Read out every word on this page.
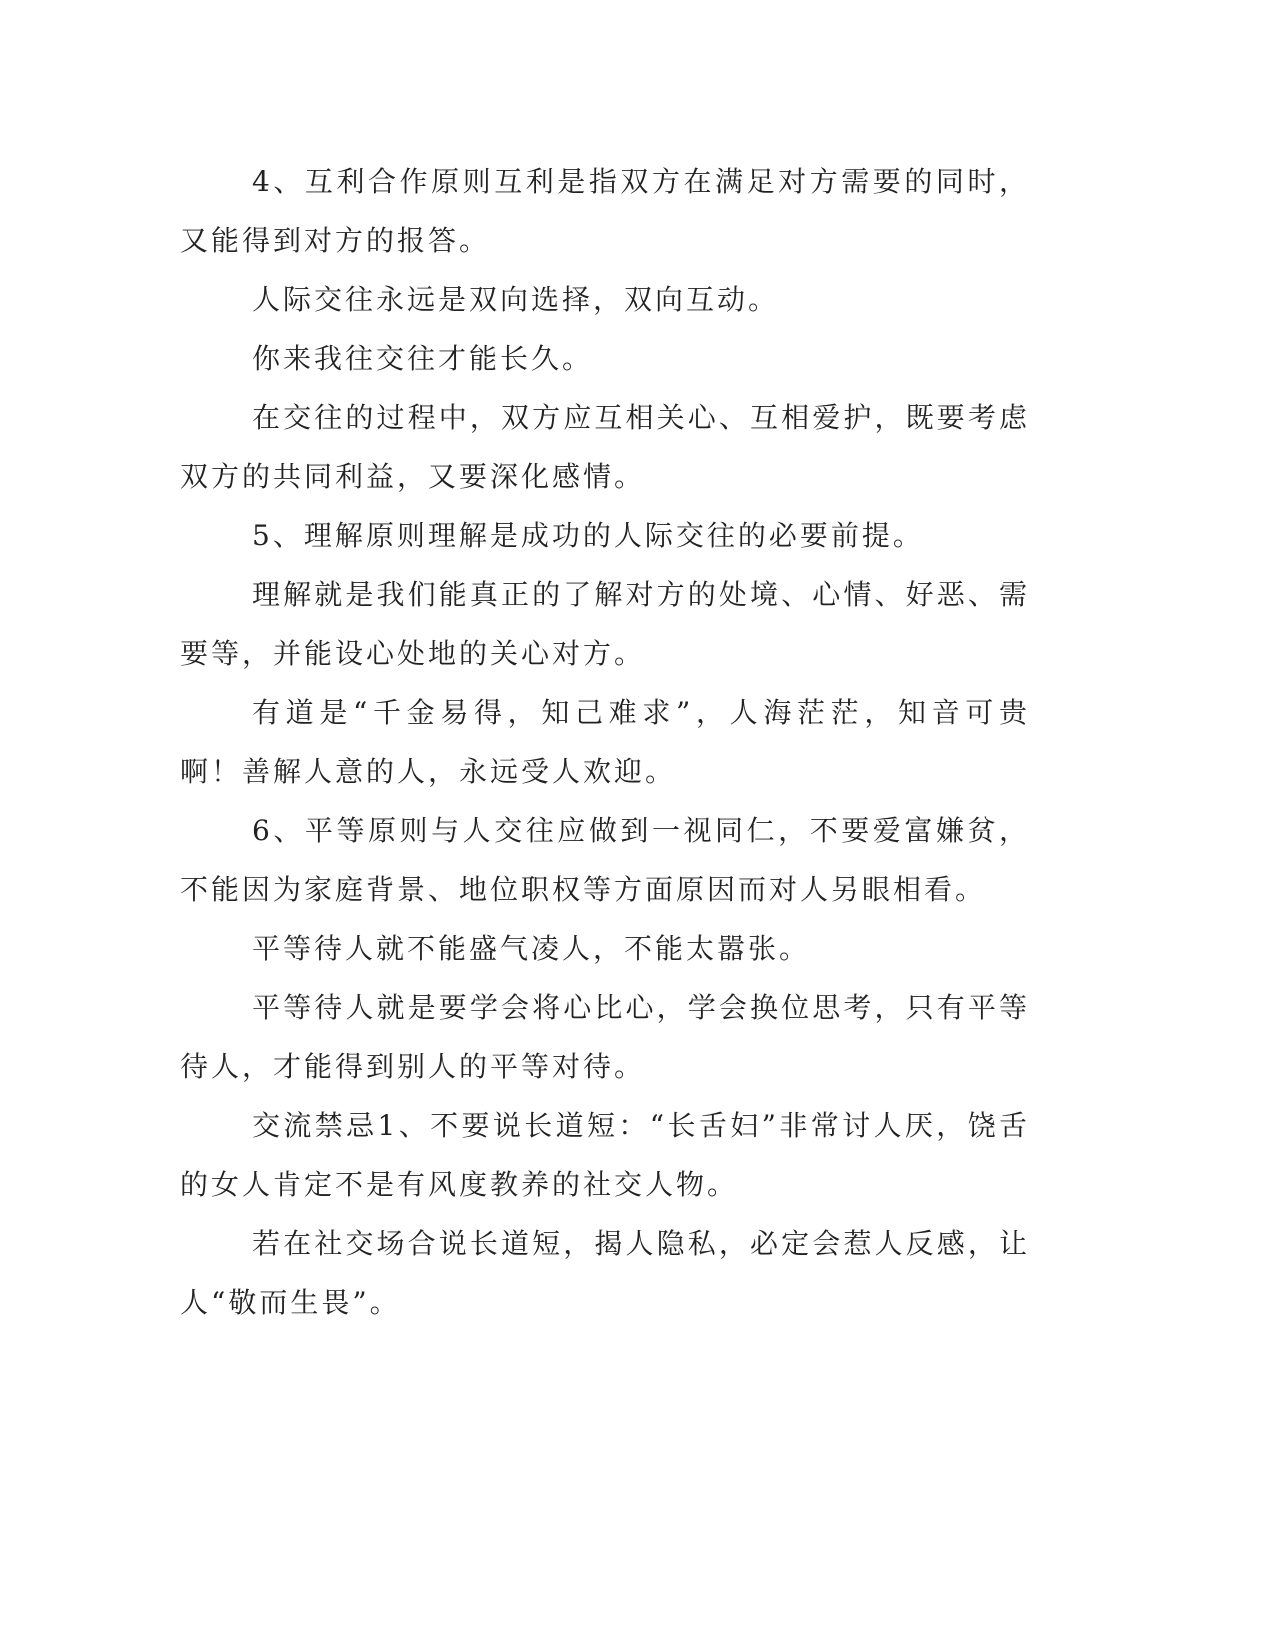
4、互利合作原则互利是指双方在满足对方需要的同时，又能得到对方的报答。

人际交往永远是双向选择，双向互动。

你来我往交往才能长久。

在交往的过程中，双方应互相关心、互相爱护，既要考虑双方的共同利益，又要深化感情。

5、理解原则理解是成功的人际交往的必要前提。

理解就是我们能真正的了解对方的处境、心情、好恶、需要等，并能设心处地的关心对方。

有道是“千金易得，知己难求”，人海茫茫，知音可贵啊！善解人意的人，永远受人欢迎。

6、平等原则与人交往应做到一视同仁，不要爱富嫌贫，不能因为家庭背景、地位职权等方面原因而对人另眼相看。

平等待人就不能盛气凌人，不能太嚣张。

平等待人就是要学会将心比心，学会换位思考，只有平等待人，才能得到别人的平等对待。

交流禁忌1、不要说长道短：“长舌妇”非常讨人厌，饶舌的女人肯定不是有风度教养的社交人物。

若在社交场合说长道短，揭人隐私，必定会惹人反感，让人“敬而生畏”。
